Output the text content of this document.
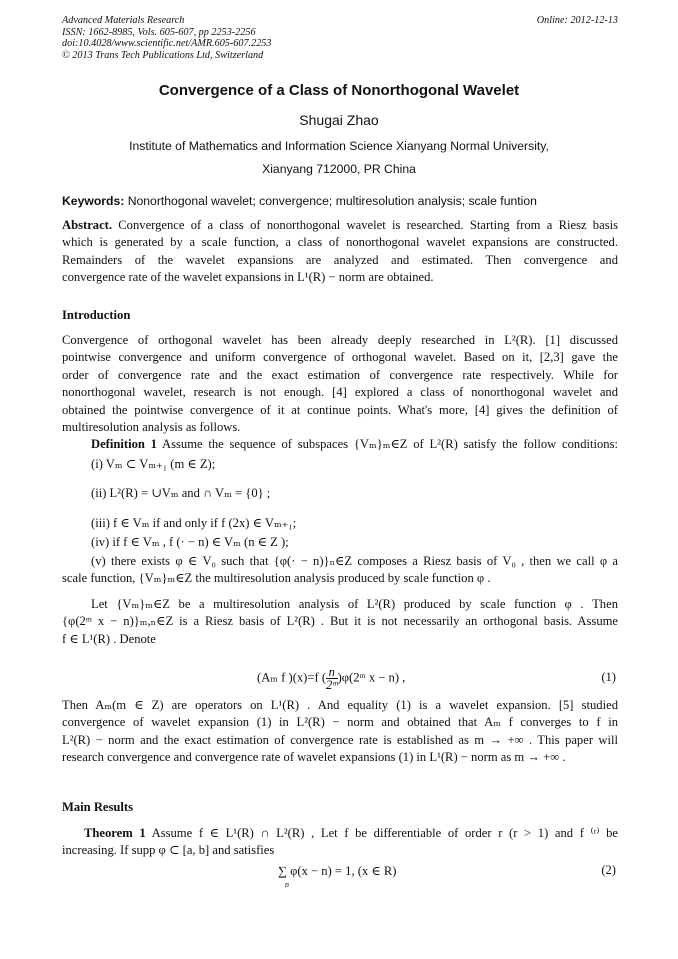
Advanced Materials Research
ISSN: 1662-8985, Vols. 605-607, pp 2253-2256
doi:10.4028/www.scientific.net/AMR.605-607.2253
© 2013 Trans Tech Publications Ltd, Switzerland
Online: 2012-12-13
Convergence of a Class of Nonorthogonal Wavelet
Shugai Zhao
Institute of Mathematics and Information Science Xianyang Normal University,
Xianyang 712000, PR China
Keywords: Nonorthogonal wavelet; convergence; multiresolution analysis; scale funtion
Abstract. Convergence of a class of nonorthogonal wavelet is researched. Starting from a Riesz basis
which is generated by a scale function, a class of nonorthogonal wavelet expansions are constructed.
Remainders of the wavelet expansions are analyzed and estimated. Then convergence and
convergence rate of the wavelet expansions in L¹(R) − norm are obtained.
Introduction
Convergence of orthogonal wavelet has been already deeply researched in L²(R). [1] discussed
pointwise convergence and uniform convergence of orthogonal wavelet. Based on it, [2,3] gave the
order of convergence rate and the exact estimation of convergence rate respectively. While for
nonorthogonal wavelet, research is not enough. [4] explored a class of nonorthogonal wavelet and
obtained the pointwise convergence of it at continue points. What's more, [4] gives the definition of
multiresolution analysis as follows.
Definition 1 Assume the sequence of subspaces {Vₘ}ₘ∈Z of L²(R) satisfy the follow conditions:
(i) Vₘ ⊂ Vₘ₊₁ (m ∈ Z);
(ii) L²(R) = ∪Vₘ and ∩ Vₘ = {0} ;
(iii) f ∈ Vₘ if and only if f (2x) ∈ Vₘ₊₁;
(iv) if f ∈ Vₘ , f (· − n) ∈ Vₘ (n ∈ Z );
(v) there exists φ ∈ V₀ such that {φ(· − n)}ₙ∈Z composes a Riesz basis of V₀ , then we call φ a
scale function, {Vₘ}ₘ∈Z the multiresolution analysis produced by scale function φ .
Let {Vₘ}ₘ∈Z be a multiresolution analysis of L²(R) produced by scale function φ . Then
{φ(2ᵐ x − n)}ₘ,ₙ∈Z is a Riesz basis of L²(R) . But it is not necessarily an orthogonal basis. Assume
f ∈ L¹(R) . Denote
(Aₘ f )(x)=f ( $\frac{n}{\text{2ᵐ}}$ )φ(2ᵐ x − n) ,	(1)
Then Aₘ(m ∈ Z) are operators on L¹(R) . And equality (1) is a wavelet expansion. [5] studied
convergence of wavelet expansion (1) in L²(R) − norm and obtained that Aₘ f converges to f in
L²(R) − norm and the exact estimation of convergence rate is established as m → +∞ . This paper will
research convergence and convergence rate of wavelet expansions (1) in L¹(R) − norm as m → +∞ .
Main Results
Theorem 1 Assume f ∈ L¹(R) ∩ L²(R) , Let f be differentiable of order r (r > 1) and f ⁽ʳ⁾ be
increasing. If supp φ ⊂ [a, b] and satisfies
∑ φ(x − n) = 1, (x ∈ R)
n
(2)
